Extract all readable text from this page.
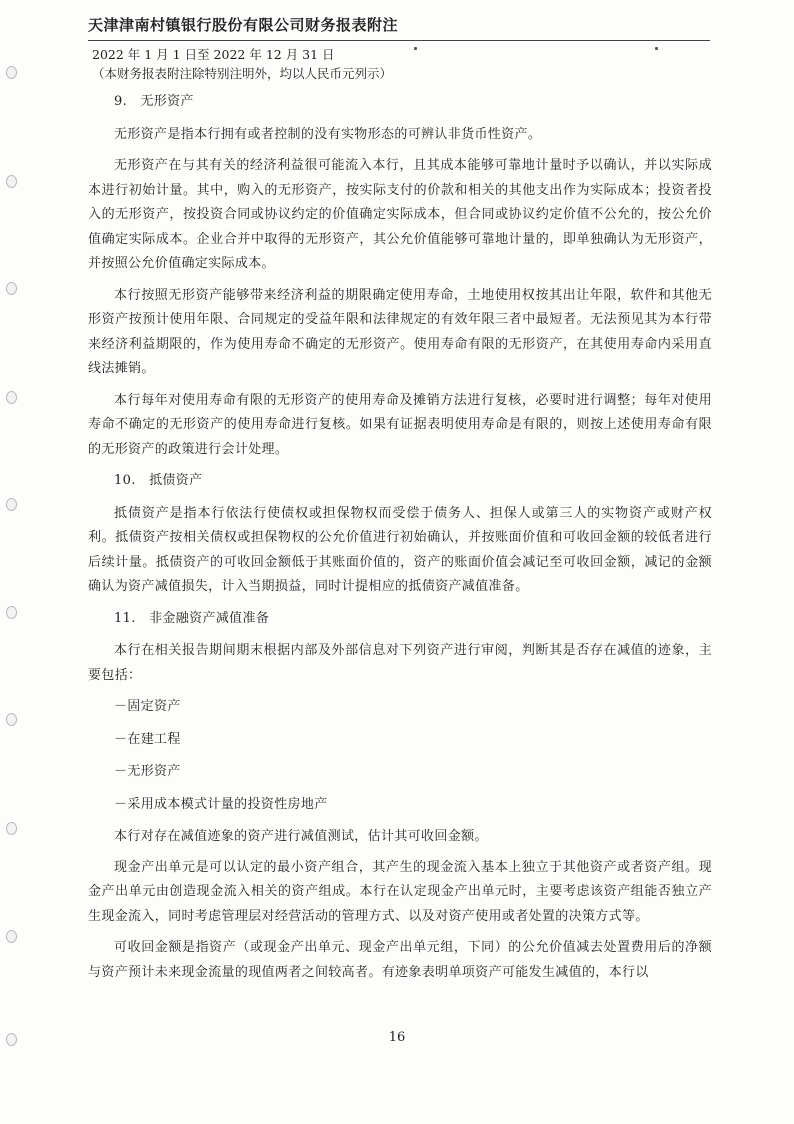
天津津南村镇银行股份有限公司财务报表附注
2022 年 1 月 1 日至 2022 年 12 月 31 日
（本财务报表附注除特别注明外，均以人民币元列示）
9.　无形资产

无形资产是指本行拥有或者控制的没有实物形态的可辨认非货币性资产。

无形资产在与其有关的经济利益很可能流入本行，且其成本能够可靠地计量时予以确认，并以实际成本进行初始计量。其中，购入的无形资产，按实际支付的价款和相关的其他支出作为实际成本；投资者投入的无形资产，按投资合同或协议约定的价值确定实际成本，但合同或协议约定价值不公允的，按公允价值确定实际成本。企业合并中取得的无形资产，其公允价值能够可靠地计量的，即单独确认为无形资产，并按照公允价值确定实际成本。

本行按照无形资产能够带来经济利益的期限确定使用寿命，土地使用权按其出让年限，软件和其他无形资产按预计使用年限、合同规定的受益年限和法律规定的有效年限三者中最短者。无法预见其为本行带来经济利益期限的，作为使用寿命不确定的无形资产。使用寿命有限的无形资产，在其使用寿命内采用直线法摊销。

本行每年对使用寿命有限的无形资产的使用寿命及摊销方法进行复核，必要时进行调整；每年对使用寿命不确定的无形资产的使用寿命进行复核。如果有证据表明使用寿命是有限的，则按上述使用寿命有限的无形资产的政策进行会计处理。

10.　抵债资产

抵债资产是指本行依法行使债权或担保物权而受偿于债务人、担保人或第三人的实物资产或财产权利。抵债资产按相关债权或担保物权的公允价值进行初始确认，并按账面价值和可收回金额的较低者进行后续计量。抵债资产的可收回金额低于其账面价值的，资产的账面价值会减记至可收回金额，减记的金额确认为资产减值损失，计入当期损益，同时计提相应的抵债资产减值准备。

11.　非金融资产减值准备

本行在相关报告期间期末根据内部及外部信息对下列资产进行审阅，判断其是否存在减值的迹象，主要包括：

－固定资产
－在建工程
－无形资产
－采用成本模式计量的投资性房地产

本行对存在减值迹象的资产进行减值测试，估计其可收回金额。

现金产出单元是可以认定的最小资产组合，其产生的现金流入基本上独立于其他资产或者资产组。现金产出单元由创造现金流入相关的资产组成。本行在认定现金产出单元时，主要考虑该资产组能否独立产生现金流入，同时考虑管理层对经营活动的管理方式、以及对资产使用或者处置的决策方式等。

可收回金额是指资产（或现金产出单元、现金产出单元组，下同）的公允价值减去处置费用后的净额与资产预计未来现金流量的现值两者之间较高者。有迹象表明单项资产可能发生减值的，本行以

16
